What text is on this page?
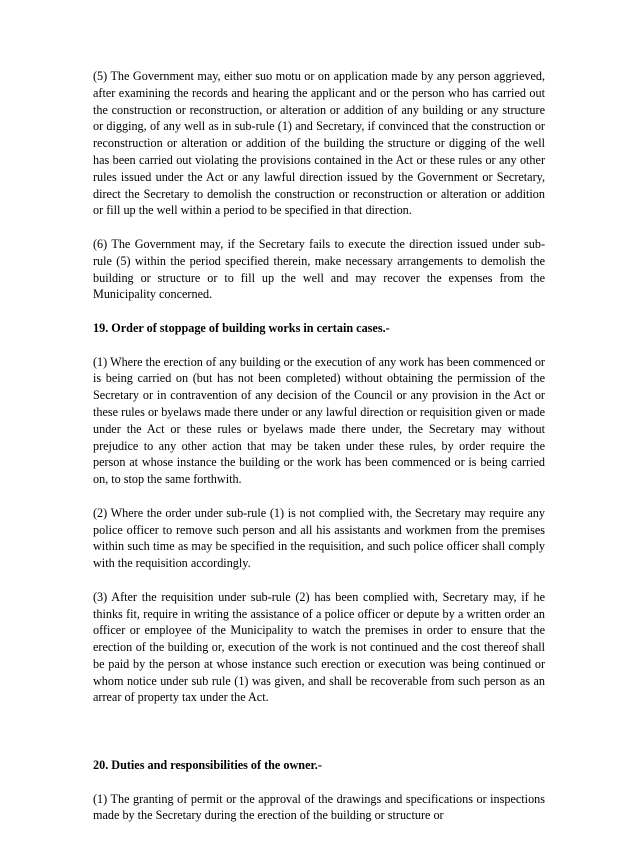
(5) The Government may, either suo motu or on application made by any person aggrieved, after examining the records and hearing the applicant and or the person who has carried out the construction or reconstruction, or alteration or addition of any building or any structure or digging, of any well as in sub-rule (1) and Secretary, if convinced that the construction or reconstruction or alteration or addition of the building the structure or digging of the well has been carried out violating the provisions contained in the Act or these rules or any other rules issued under the Act or any lawful direction issued by the Government or Secretary, direct the Secretary to demolish the construction or reconstruction or alteration or addition or fill up the well within a period to be specified in that direction.

(6) The Government may, if the Secretary fails to execute the direction issued under sub-rule (5) within the period specified therein, make necessary arrangements to demolish the building or structure or to fill up the well and may recover the expenses from the Municipality concerned.

19. Order of stoppage of building works in certain cases.-

(1) Where the erection of any building or the execution of any work has been commenced or is being carried on (but has not been completed) without obtaining the permission of the Secretary or in contravention of any decision of the Council or any provision in the Act or these rules or byelaws made there under or any lawful direction or requisition given or made under the Act or these rules or byelaws made there under, the Secretary may without prejudice to any other action that may be taken under these rules, by order require the person at whose instance the building or the work has been commenced or is being carried on, to stop the same forthwith.

(2) Where the order under sub-rule (1) is not complied with, the Secretary may require any police officer to remove such person and all his assistants and workmen from the premises within such time as may be specified in the requisition, and such police officer shall comply with the requisition accordingly.

(3) After the requisition under sub-rule (2) has been complied with, Secretary may, if he thinks fit, require in writing the assistance of a police officer or depute by a written order an officer or employee of the Municipality to watch the premises in order to ensure that the erection of the building or, execution of the work is not continued and the cost thereof shall be paid by the person at whose instance such erection or execution was being continued or whom notice under sub rule (1) was given, and shall be recoverable from such person as an arrear of property tax under the Act.

20. Duties and responsibilities of the owner.-

(1) The granting of permit or the approval of the drawings and specifications or inspections made by the Secretary during the erection of the building or structure or
